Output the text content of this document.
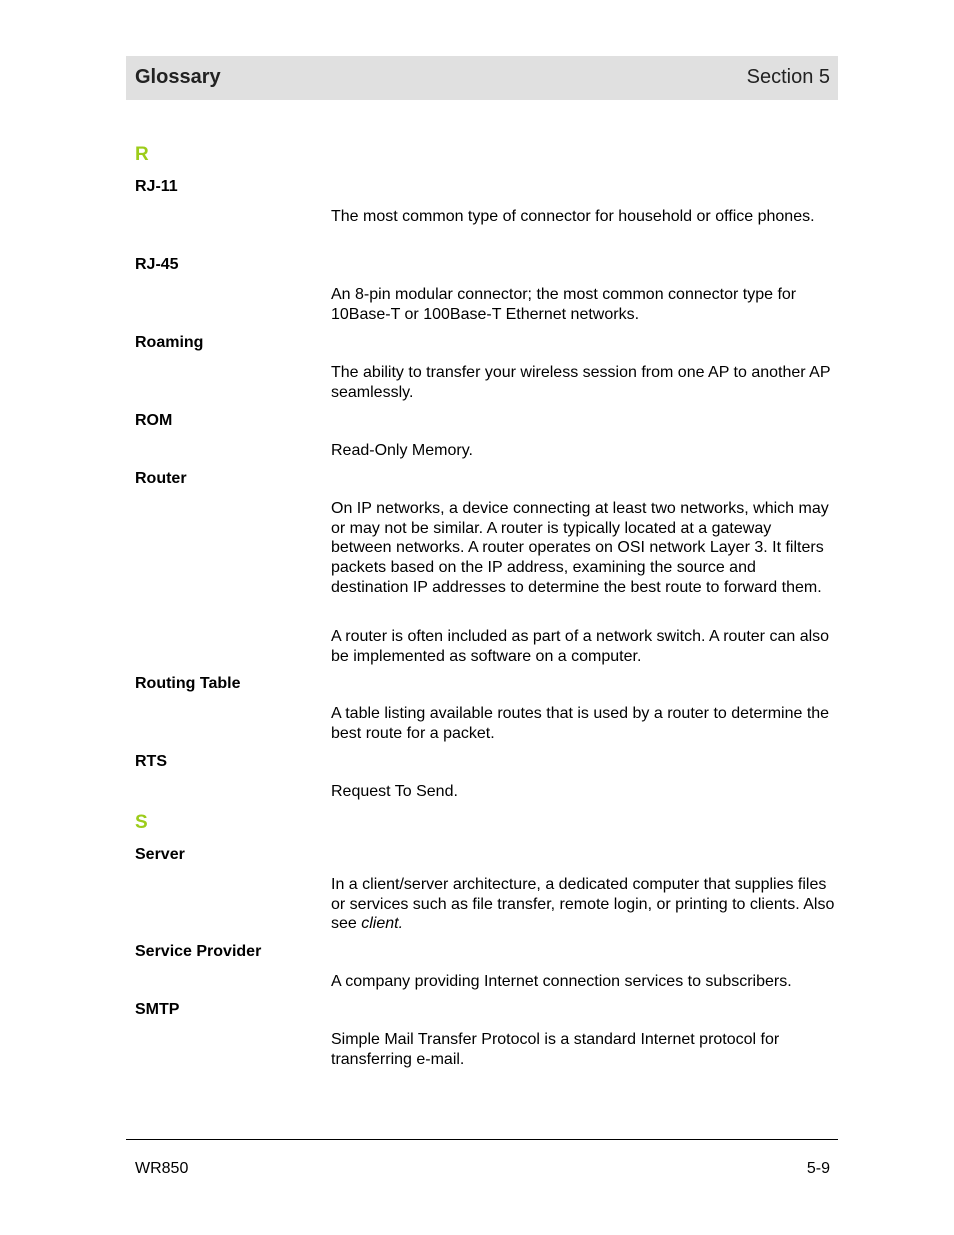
Glossary	Section 5
R
RJ-11
The most common type of connector for household or office phones.
RJ-45
An 8-pin modular connector; the most common connector type for 10Base-T or 100Base-T Ethernet networks.
Roaming
The ability to transfer your wireless session from one AP to another AP seamlessly.
ROM
Read-Only Memory.
Router
On IP networks, a device connecting at least two networks, which may or may not be similar. A router is typically located at a gateway between networks. A router operates on OSI network Layer 3. It filters packets based on the IP address, examining the source and destination IP addresses to determine the best route to forward them.
A router is often included as part of a network switch. A router can also be implemented as software on a computer.
Routing Table
A table listing available routes that is used by a router to determine the best route for a packet.
RTS
Request To Send.
S
Server
In a client/server architecture, a dedicated computer that supplies files or services such as file transfer, remote login, or printing to clients. Also see client.
Service Provider
A company providing Internet connection services to subscribers.
SMTP
Simple Mail Transfer Protocol is a standard Internet protocol for transferring e-mail.
WR850	5-9
